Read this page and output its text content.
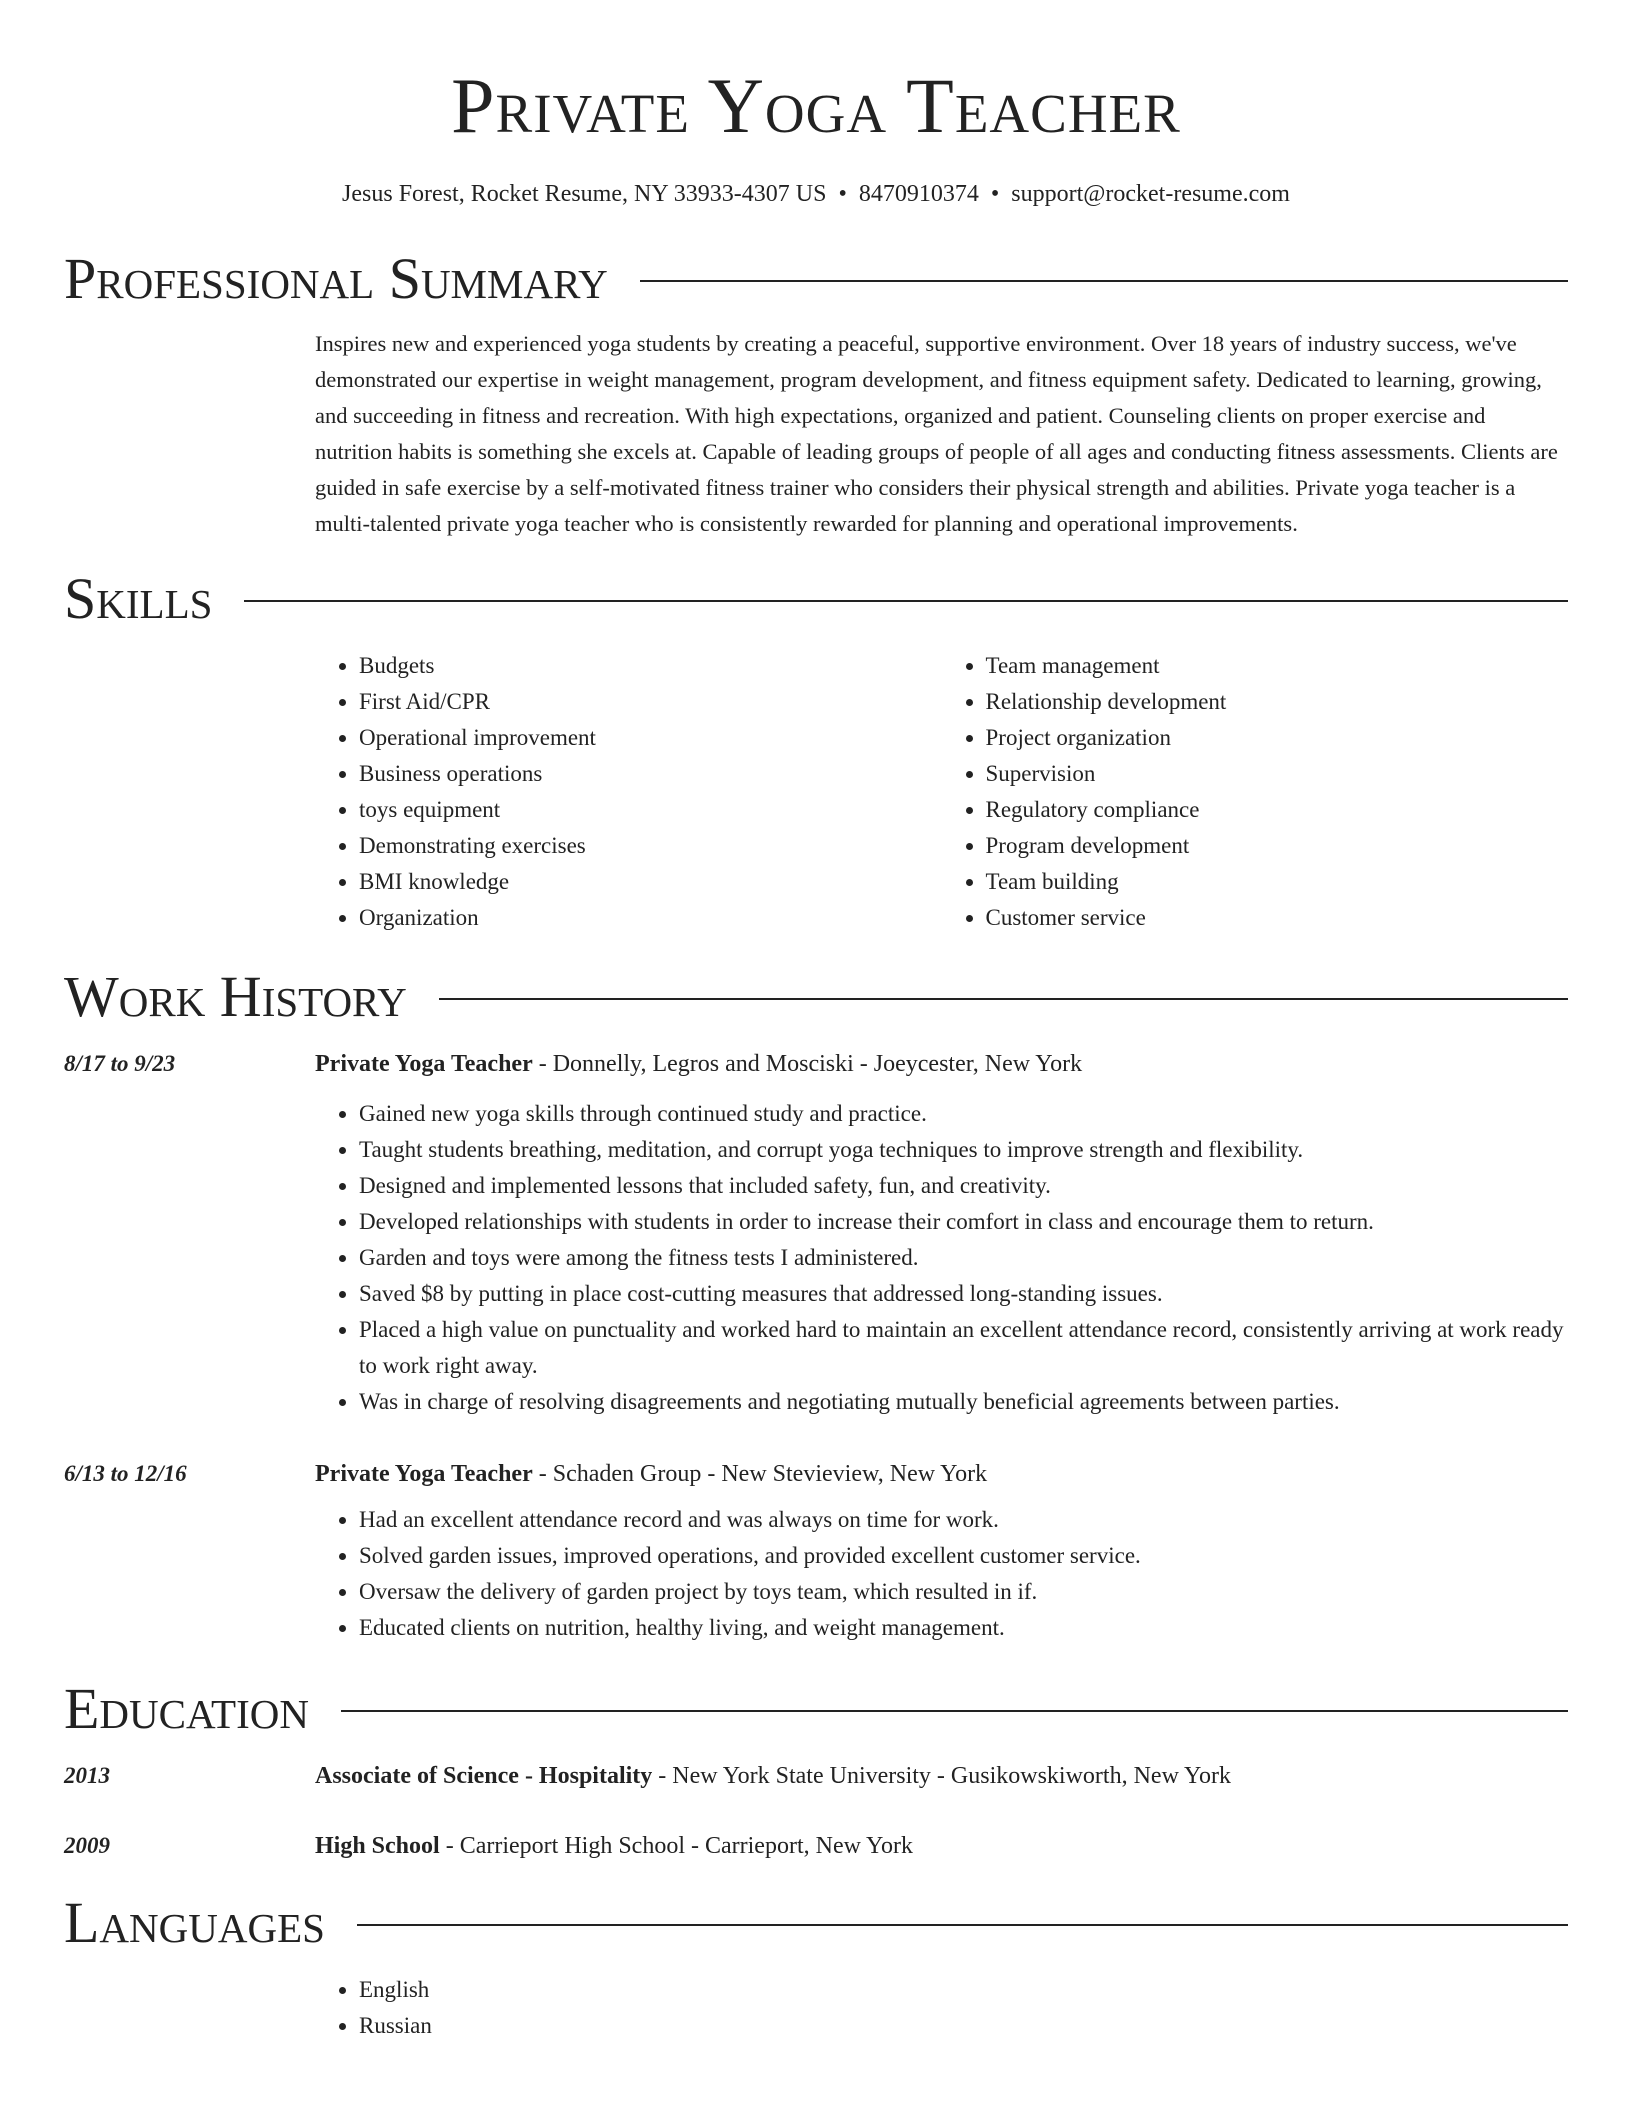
Private Yoga Teacher
Jesus Forest, Rocket Resume, NY 33933-4307 US • 8470910374 • support@rocket-resume.com
Professional Summary
Inspires new and experienced yoga students by creating a peaceful, supportive environment. Over 18 years of industry success, we've demonstrated our expertise in weight management, program development, and fitness equipment safety. Dedicated to learning, growing, and succeeding in fitness and recreation. With high expectations, organized and patient. Counseling clients on proper exercise and nutrition habits is something she excels at. Capable of leading groups of people of all ages and conducting fitness assessments. Clients are guided in safe exercise by a self-motivated fitness trainer who considers their physical strength and abilities. Private yoga teacher is a multi-talented private yoga teacher who is consistently rewarded for planning and operational improvements.
Skills
• Budgets
• First Aid/CPR
• Operational improvement
• Business operations
• toys equipment
• Demonstrating exercises
• BMI knowledge
• Organization
• Team management
• Relationship development
• Project organization
• Supervision
• Regulatory compliance
• Program development
• Team building
• Customer service
Work History
8/17 to 9/23	Private Yoga Teacher - Donnelly, Legros and Mosciski - Joeycester, New York
• Gained new yoga skills through continued study and practice.
• Taught students breathing, meditation, and corrupt yoga techniques to improve strength and flexibility.
• Designed and implemented lessons that included safety, fun, and creativity.
• Developed relationships with students in order to increase their comfort in class and encourage them to return.
• Garden and toys were among the fitness tests I administered.
• Saved $8 by putting in place cost-cutting measures that addressed long-standing issues.
• Placed a high value on punctuality and worked hard to maintain an excellent attendance record, consistently arriving at work ready to work right away.
• Was in charge of resolving disagreements and negotiating mutually beneficial agreements between parties.
6/13 to 12/16	Private Yoga Teacher - Schaden Group - New Stevieview, New York
• Had an excellent attendance record and was always on time for work.
• Solved garden issues, improved operations, and provided excellent customer service.
• Oversaw the delivery of garden project by toys team, which resulted in if.
• Educated clients on nutrition, healthy living, and weight management.
Education
2013	Associate of Science - Hospitality - New York State University - Gusikowskiworth, New York
2009	High School - Carrieport High School - Carrieport, New York
Languages
• English
• Russian
